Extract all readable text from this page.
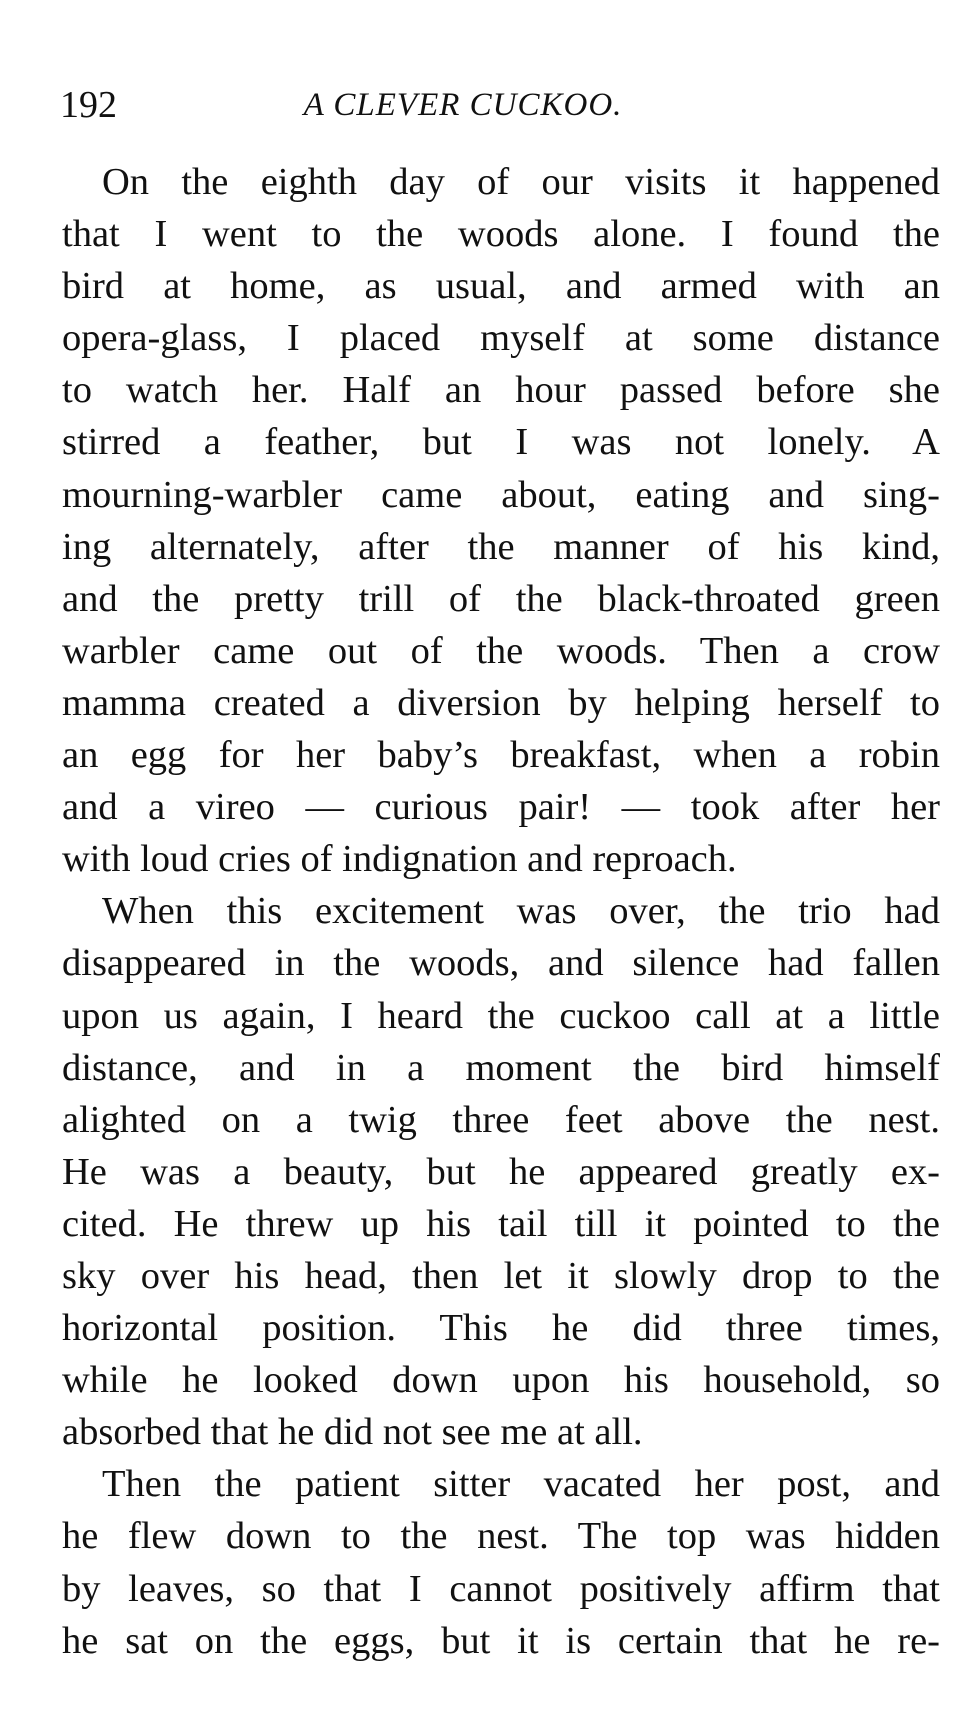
192	A CLEVER CUCKOO.
On the eighth day of our visits it happened
that I went to the woods alone. I found the
bird at home, as usual, and armed with an
opera-glass, I placed myself at some distance
to watch her. Half an hour passed before she
stirred a feather, but I was not lonely. A
mourning-warbler came about, eating and sing-
ing alternately, after the manner of his kind,
and the pretty trill of the black-throated green
warbler came out of the woods. Then a crow
mamma created a diversion by helping herself to
an egg for her baby’s breakfast, when a robin
and a vireo — curious pair! — took after her
with loud cries of indignation and reproach.
When this excitement was over, the trio had
disappeared in the woods, and silence had fallen
upon us again, I heard the cuckoo call at a little
distance, and in a moment the bird himself
alighted on a twig three feet above the nest.
He was a beauty, but he appeared greatly ex-
cited. He threw up his tail till it pointed to the
sky over his head, then let it slowly drop to the
horizontal position. This he did three times,
while he looked down upon his household, so
absorbed that he did not see me at all.
Then the patient sitter vacated her post, and
he flew down to the nest. The top was hidden
by leaves, so that I cannot positively affirm that
he sat on the eggs, but it is certain that he re-
